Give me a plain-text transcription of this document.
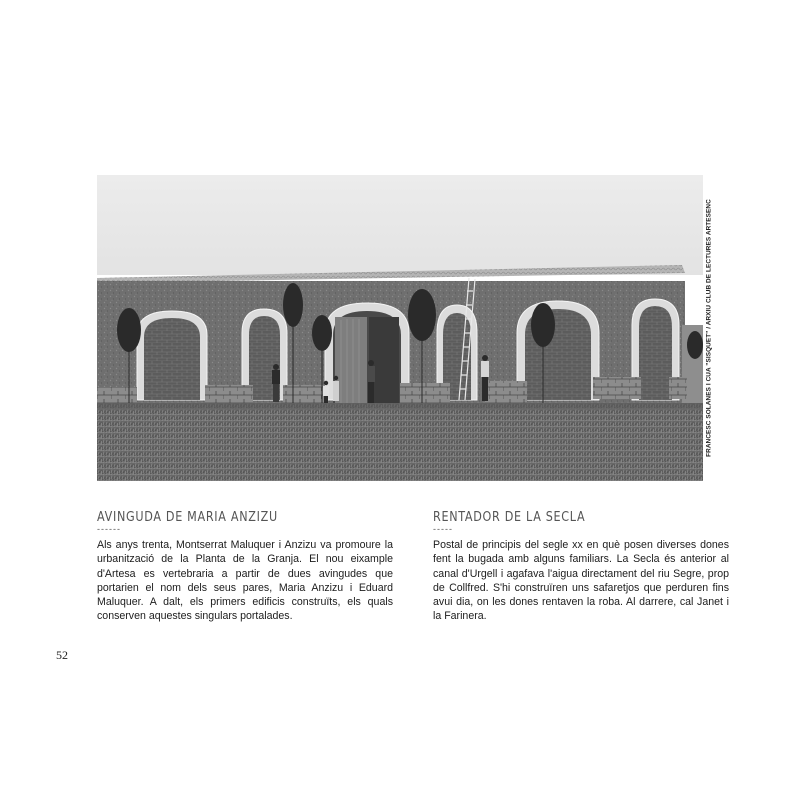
FRANCESC SOLANES I CUA "SISQUET" / ARXIU CLUB DE LECTURES ARTESENC
AVINGUDA DE MARIA ANZIZU
------

Als anys trenta, Montserrat Maluquer i Anzizu va promoure la urbanització de la Planta de la Granja. El nou eixample d'Artesa es vertebraria a partir de dues avingudes que portarien el nom dels seus pares, Maria Anzizu i Eduard Maluquer. A dalt, els primers edificis construïts, els quals conserven aquestes singulars portalades.

RENTADOR DE LA SECLA
-----

Postal de principis del segle xx en què posen diverses dones fent la bugada amb alguns familiars. La Secla és anterior al canal d'Urgell i agafava l'aigua directament del riu Segre, prop de Collfred. S'hi construïren uns safaretjos que perduren fins avui dia, on les dones rentaven la roba. Al darrere, cal Janet i la Farinera.

52
